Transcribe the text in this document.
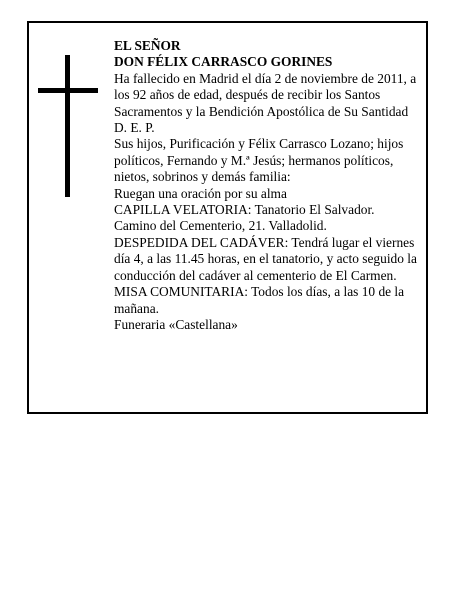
EL SEÑOR

DON FÉLIX CARRASCO GORINES

Ha fallecido en Madrid el día 2 de noviembre de 2011, a los 92 años de edad, después de recibir los Santos Sacramentos y la Bendición Apostólica de Su Santidad D. E. P.

Sus hijos, Purificación y Félix Carrasco Lozano; hijos políticos, Fernando y M.ª Jesús; hermanos políticos, nietos, sobrinos y demás familia:

Ruegan una oración por su alma

CAPILLA VELATORIA: Tanatorio El Salvador. Camino del Cementerio, 21. Valladolid.

DESPEDIDA DEL CADÁVER: Tendrá lugar el viernes día 4, a las 11.45 horas, en el tanatorio, y acto seguido la conducción del cadáver al cementerio de El Carmen.

MISA COMUNITARIA: Todos los días, a las 10 de la mañana.

Funeraria «Castellana»
